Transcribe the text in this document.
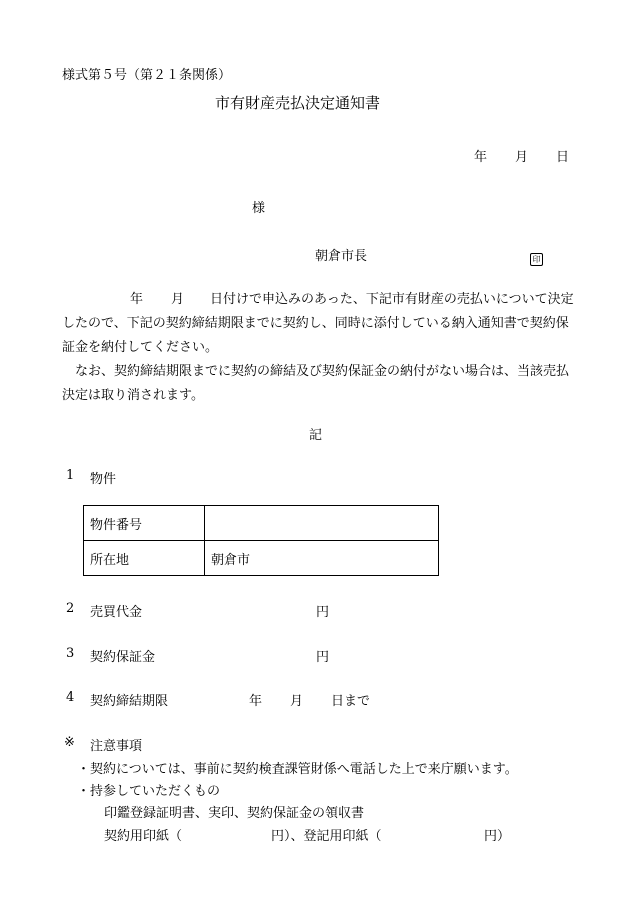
様式第５号（第２１条関係）
市有財産売払決定通知書
年 月 日
様
朝倉市長	印

年 月 日付けで申込みのあった、下記市有財産の売払いについて決定したので、下記の契約締結期限までに契約し、同時に添付している納入通知書で契約保証金を納付してください。

なお、契約締結期限までに契約の締結及び契約保証金の納付がない場合は、当該売払決定は取り消されます。

記
1 物件
物件番号	
所在地	朝倉市
2 売買代金	円
3 契約保証金	円
4 契約締結期限	年 月 日まで
※ 注意事項
・契約については、事前に契約検査課管財係へ電話した上で来庁願います。
・持参していただくもの
印鑑登録証明書、実印、契約保証金の領収書
契約用印紙（	円）、登記用印紙（	円）
